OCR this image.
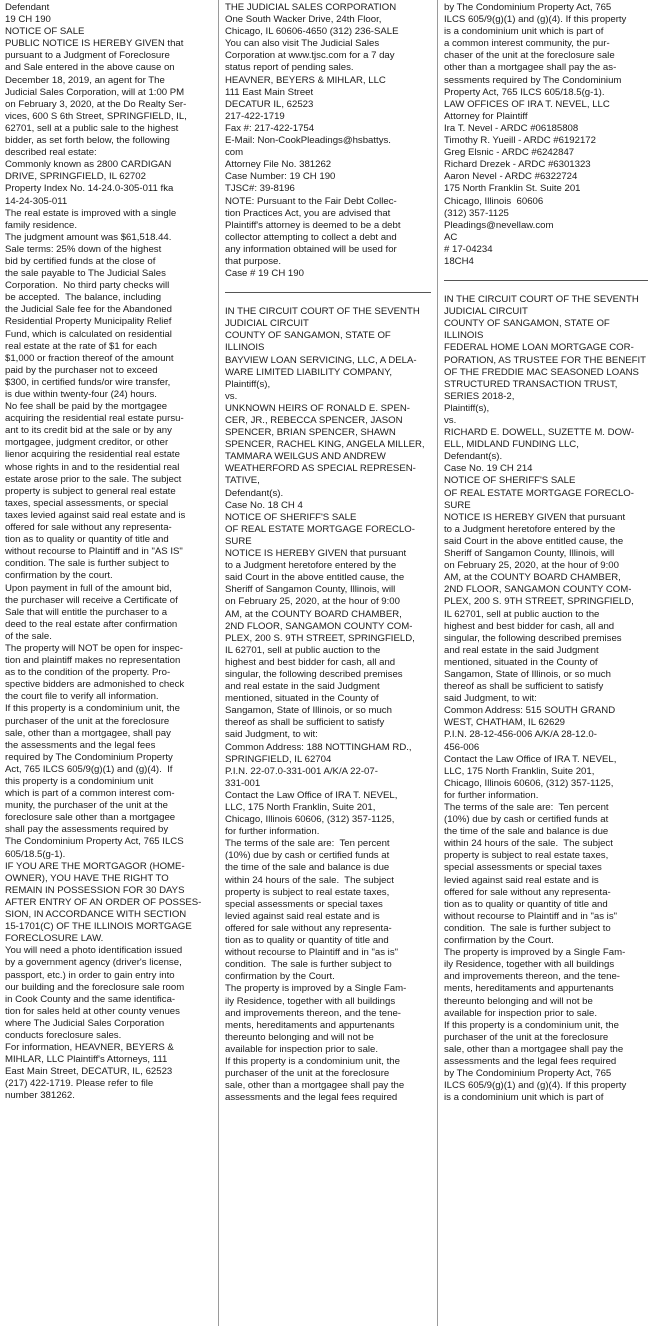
Defendant
19 CH 190
NOTICE OF SALE
PUBLIC NOTICE IS HEREBY GIVEN that
pursuant to a Judgment of Foreclosure
and Sale entered in the above cause on
December 18, 2019, an agent for The
Judicial Sales Corporation, will at 1:00 PM
on February 3, 2020, at the Do Realty Ser-
vices, 600 S 6th Street, SPRINGFIELD, IL,
62701, sell at a public sale to the highest
bidder, as set forth below, the following
described real estate:
Commonly known as 2800 CARDIGAN
DRIVE, SPRINGFIELD, IL 62702
Property Index No. 14-24.0-305-011 fka
14-24-305-011
The real estate is improved with a single
family residence.
The judgment amount was $61,518.44.
Sale terms: 25% down of the highest
bid by certified funds at the close of
the sale payable to The Judicial Sales
Corporation.  No third party checks will
be accepted.  The balance, including
the Judicial Sale fee for the Abandoned
Residential Property Municipality Relief
Fund, which is calculated on residential
real estate at the rate of $1 for each
$1,000 or fraction thereof of the amount
paid by the purchaser not to exceed
$300, in certified funds/or wire transfer,
is due within twenty-four (24) hours.
No fee shall be paid by the mortgagee
acquiring the residential real estate pursu-
ant to its credit bid at the sale or by any
mortgagee, judgment creditor, or other
lienor acquiring the residential real estate
whose rights in and to the residential real
estate arose prior to the sale. The subject
property is subject to general real estate
taxes, special assessments, or special
taxes levied against said real estate and is
offered for sale without any representa-
tion as to quality or quantity of title and
without recourse to Plaintiff and in "AS IS"
condition. The sale is further subject to
confirmation by the court.
Upon payment in full of the amount bid,
the purchaser will receive a Certificate of
Sale that will entitle the purchaser to a
deed to the real estate after confirmation
of the sale.
The property will NOT be open for inspec-
tion and plaintiff makes no representation
as to the condition of the property. Pro-
spective bidders are admonished to check
the court file to verify all information.
If this property is a condominium unit, the
purchaser of the unit at the foreclosure
sale, other than a mortgagee, shall pay
the assessments and the legal fees
required by The Condominium Property
Act, 765 ILCS 605/9(g)(1) and (g)(4).  If
this property is a condominium unit
which is part of a common interest com-
munity, the purchaser of the unit at the
foreclosure sale other than a mortgagee
shall pay the assessments required by
The Condominium Property Act, 765 ILCS
605/18.5(g-1).
IF YOU ARE THE MORTGAGOR (HOME-
OWNER), YOU HAVE THE RIGHT TO
REMAIN IN POSSESSION FOR 30 DAYS
AFTER ENTRY OF AN ORDER OF POSSES-
SION, IN ACCORDANCE WITH SECTION
15-1701(C) OF THE ILLINOIS MORTGAGE
FORECLOSURE LAW.
You will need a photo identification issued
by a government agency (driver's license,
passport, etc.) in order to gain entry into
our building and the foreclosure sale room
in Cook County and the same identifica-
tion for sales held at other county venues
where The Judicial Sales Corporation
conducts foreclosure sales.
For information, HEAVNER, BEYERS &
MIHLAR, LLC Plaintiff's Attorneys, 111
East Main Street, DECATUR, IL, 62523
(217) 422-1719. Please refer to file
number 381262.
THE JUDICIAL SALES CORPORATION
One South Wacker Drive, 24th Floor,
Chicago, IL 60606-4650 (312) 236-SALE
You can also visit The Judicial Sales
Corporation at www.tjsc.com for a 7 day
status report of pending sales.
HEAVNER, BEYERS & MIHLAR, LLC
111 East Main Street
DECATUR IL, 62523
217-422-1719
Fax #: 217-422-1754
E-Mail: Non-CookPleadings@hsbattys.
com
Attorney File No. 381262
Case Number: 19 CH 190
TJSC#: 39-8196
NOTE: Pursuant to the Fair Debt Collec-
tion Practices Act, you are advised that
Plaintiff's attorney is deemed to be a debt
collector attempting to collect a debt and
any information obtained will be used for
that purpose.
Case # 19 CH 190
IN THE CIRCUIT COURT OF THE SEVENTH
JUDICIAL CIRCUIT
COUNTY OF SANGAMON, STATE OF
ILLINOIS
BAYVIEW LOAN SERVICING, LLC, A DELA-
WARE LIMITED LIABILITY COMPANY,
Plaintiff(s),
vs.
UNKNOWN HEIRS OF RONALD E. SPEN-
CER, JR., REBECCA SPENCER, JASON
SPENCER, BRIAN SPENCER, SHAWN
SPENCER, RACHEL KING, ANGELA MILLER,
TAMMARA WEILGUS AND ANDREW
WEATHERFORD AS SPECIAL REPRESEN-
TATIVE,
Defendant(s).
Case No. 18 CH 4
NOTICE OF SHERIFF'S SALE
OF REAL ESTATE MORTGAGE FORECLO-
SURE
NOTICE IS HEREBY GIVEN that pursuant
to a Judgment heretofore entered by the
said Court in the above entitled cause, the
Sheriff of Sangamon County, Illinois, will
on February 25, 2020, at the hour of 9:00
AM, at the COUNTY BOARD CHAMBER,
2ND FLOOR, SANGAMON COUNTY COM-
PLEX, 200 S. 9TH STREET, SPRINGFIELD,
IL 62701, sell at public auction to the
highest and best bidder for cash, all and
singular, the following described premises
and real estate in the said Judgment
mentioned, situated in the County of
Sangamon, State of Illinois, or so much
thereof as shall be sufficient to satisfy
said Judgment, to wit:
Common Address: 188 NOTTINGHAM RD.,
SPRINGFIELD, IL 62704
P.I.N. 22-07.0-331-001 A/K/A 22-07-
331-001
Contact the Law Office of IRA T. NEVEL,
LLC, 175 North Franklin, Suite 201,
Chicago, Illinois 60606, (312) 357-1125,
for further information.
The terms of the sale are:  Ten percent
(10%) due by cash or certified funds at
the time of the sale and balance is due
within 24 hours of the sale.  The subject
property is subject to real estate taxes,
special assessments or special taxes
levied against said real estate and is
offered for sale without any representa-
tion as to quality or quantity of title and
without recourse to Plaintiff and in "as is"
condition.  The sale is further subject to
confirmation by the Court.
The property is improved by a Single Fam-
ily Residence, together with all buildings
and improvements thereon, and the tene-
ments, hereditaments and appurtenants
thereunto belonging and will not be
available for inspection prior to sale.
If this property is a condominium unit, the
purchaser of the unit at the foreclosure
sale, other than a mortgagee shall pay the
assessments and the legal fees required
by The Condominium Property Act, 765
ILCS 605/9(g)(1) and (g)(4). If this property
is a condominium unit which is part of
a common interest community, the pur-
chaser of the unit at the foreclosure sale
other than a mortgagee shall pay the as-
sessments required by The Condominium
Property Act, 765 ILCS 605/18.5(g-1).
LAW OFFICES OF IRA T. NEVEL, LLC
Attorney for Plaintiff
Ira T. Nevel - ARDC #06185808
Timothy R. Yueill - ARDC #6192172
Greg Elsnic - ARDC #6242847
Richard Drezek - ARDC #6301323
Aaron Nevel - ARDC #6322724
175 North Franklin St. Suite 201
Chicago, Illinois  60606
(312) 357-1125
Pleadings@nevellaw.com
AC
# 17-04234
18CH4
IN THE CIRCUIT COURT OF THE SEVENTH
JUDICIAL CIRCUIT
COUNTY OF SANGAMON, STATE OF
ILLINOIS
FEDERAL HOME LOAN MORTGAGE COR-
PORATION, AS TRUSTEE FOR THE BENEFIT
OF THE FREDDIE MAC SEASONED LOANS
STRUCTURED TRANSACTION TRUST,
SERIES 2018-2,
Plaintiff(s),
vs.
RICHARD E. DOWELL, SUZETTE M. DOW-
ELL, MIDLAND FUNDING LLC,
Defendant(s).
Case No. 19 CH 214
NOTICE OF SHERIFF'S SALE
OF REAL ESTATE MORTGAGE FORECLO-
SURE
NOTICE IS HEREBY GIVEN that pursuant
to a Judgment heretofore entered by the
said Court in the above entitled cause, the
Sheriff of Sangamon County, Illinois, will
on February 25, 2020, at the hour of 9:00
AM, at the COUNTY BOARD CHAMBER,
2ND FLOOR, SANGAMON COUNTY COM-
PLEX, 200 S. 9TH STREET, SPRINGFIELD,
IL 62701, sell at public auction to the
highest and best bidder for cash, all and
singular, the following described premises
and real estate in the said Judgment
mentioned, situated in the County of
Sangamon, State of Illinois, or so much
thereof as shall be sufficient to satisfy
said Judgment, to wit:
Common Address: 515 SOUTH GRAND
WEST, CHATHAM, IL 62629
P.I.N. 28-12-456-006 A/K/A 28-12.0-
456-006
Contact the Law Office of IRA T. NEVEL,
LLC, 175 North Franklin, Suite 201,
Chicago, Illinois 60606, (312) 357-1125,
for further information.
The terms of the sale are:  Ten percent
(10%) due by cash or certified funds at
the time of the sale and balance is due
within 24 hours of the sale.  The subject
property is subject to real estate taxes,
special assessments or special taxes
levied against said real estate and is
offered for sale without any representa-
tion as to quality or quantity of title and
without recourse to Plaintiff and in "as is"
condition.  The sale is further subject to
confirmation by the Court.
The property is improved by a Single Fam-
ily Residence, together with all buildings
and improvements thereon, and the tene-
ments, hereditaments and appurtenants
thereunto belonging and will not be
available for inspection prior to sale.
If this property is a condominium unit, the
purchaser of the unit at the foreclosure
sale, other than a mortgagee shall pay the
assessments and the legal fees required
by The Condominium Property Act, 765
ILCS 605/9(g)(1) and (g)(4). If this property
is a condominium unit which is part of
